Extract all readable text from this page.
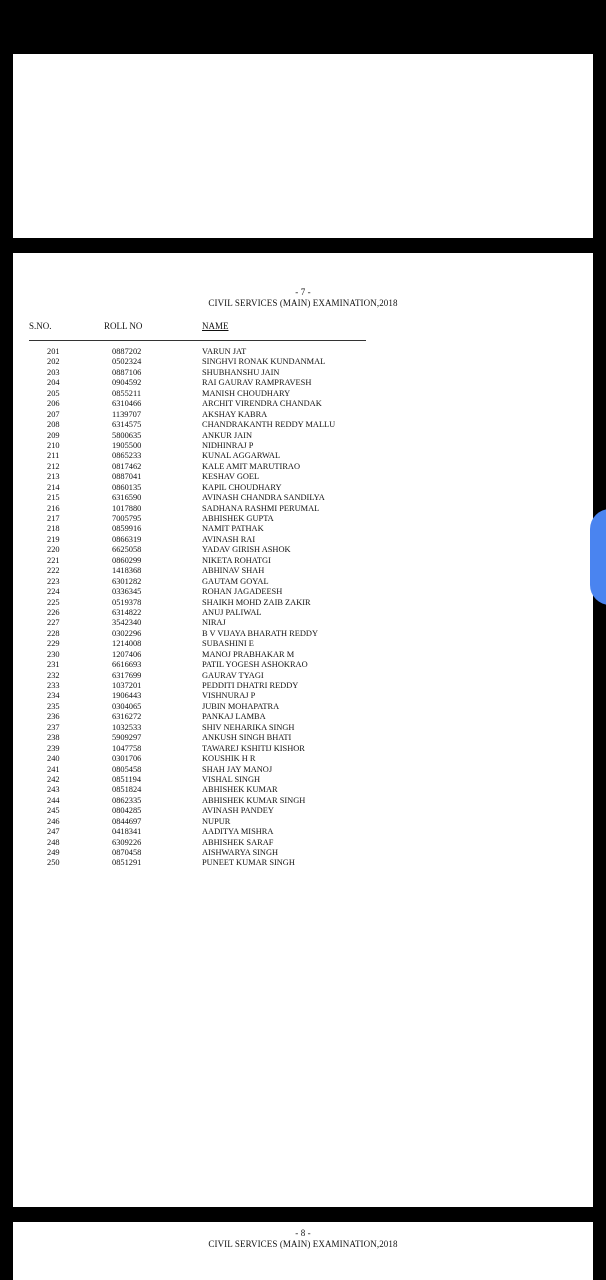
- 7 -
CIVIL SERVICES (MAIN) EXAMINATION,2018
S.NO.	ROLL NO	NAME
201	0887202	VARUN JAT
202	0502324	SINGHVI RONAK KUNDANMAL
203	0887106	SHUBHANSHU JAIN
204	0904592	RAI GAURAV RAMPRAVESH
205	0855211	MANISH CHOUDHARY
206	6310466	ARCHIT VIRENDRA CHANDAK
207	1139707	AKSHAY KABRA
208	6314575	CHANDRAKANTH REDDY MALLU
209	5800635	ANKUR JAIN
210	1905500	NIDHINRAJ P
211	0865233	KUNAL AGGARWAL
212	0817462	KALE AMIT MARUTIRAO
213	0887041	KESHAV GOEL
214	0860135	KAPIL CHOUDHARY
215	6316590	AVINASH CHANDRA SANDILYA
216	1017880	SADHANA RASHMI PERUMAL
217	7005795	ABHISHEK GUPTA
218	0859916	NAMIT PATHAK
219	0866319	AVINASH RAI
220	6625058	YADAV GIRISH ASHOK
221	0860299	NIKETA ROHATGI
222	1418368	ABHINAV SHAH
223	6301282	GAUTAM GOYAL
224	0336345	ROHAN JAGADEESH
225	0519378	SHAIKH MOHD ZAIB ZAKIR
226	6314822	ANUJ PALIWAL
227	3542340	NIRAJ
228	0302296	B V VIJAYA BHARATH REDDY
229	1214008	SUBASHINI E
230	1207406	MANOJ PRABHAKAR M
231	6616693	PATIL YOGESH ASHOKRAO
232	6317699	GAURAV TYAGI
233	1037201	PEDDITI DHATRI REDDY
234	1906443	VISHNURAJ P
235	0304065	JUBIN MOHAPATRA
236	6316272	PANKAJ LAMBA
237	1032533	SHIV NEHARIKA SINGH
238	5909297	ANKUSH SINGH BHATI
239	1047758	TAWAREJ KSHITIJ KISHOR
240	0301706	KOUSHIK H R
241	0805458	SHAH JAY MANOJ
242	0851194	VISHAL SINGH
243	0851824	ABHISHEK KUMAR
244	0862335	ABHISHEK KUMAR SINGH
245	0804285	AVINASH PANDEY
246	0844697	NUPUR
247	0418341	AADITYA MISHRA
248	6309226	ABHISHEK SARAF
249	0870458	AISHWARYA SINGH
250	0851291	PUNEET KUMAR SINGH
- 8 -
CIVIL SERVICES (MAIN) EXAMINATION,2018
